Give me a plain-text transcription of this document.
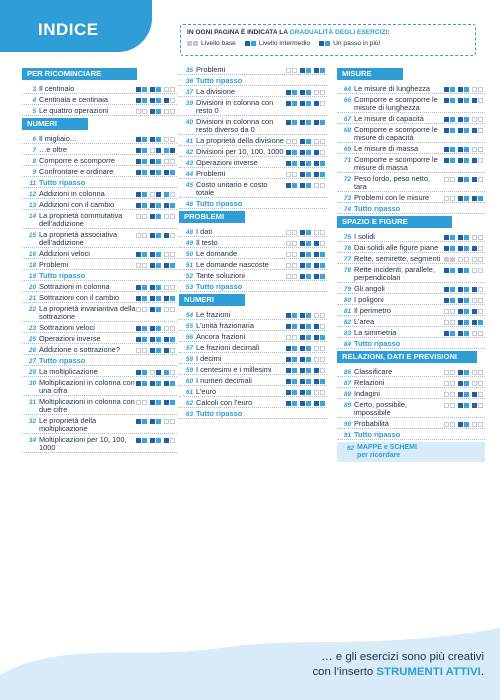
INDICE	IN OGNI PAGINA È INDICATA LA GRADUALITÀ DEGLI ESERCIZI:
Livello base	Livello intermedio	Un passo in più!
PER RICOMINCIARE
3 Il centinaio
4 Centinaia e centinaia
5 Le quattro operazioni
NUMERI
6 Il migliaio…
7 …e oltre
8 Comporre e scomporre
9 Confrontare e ordinare
11 Tutto ripasso
12 Addizioni in colonna
13 Addizioni con il cambio
14 La proprietà commutativa dell’addizione
15 La proprietà associativa dell’addizione
16 Addizioni veloci
18 Problemi
19 Tutto ripasso
20 Sottrazioni in colonna
21 Sottrazioni con il cambio
22 La proprietà invariantiva della sottrazione
23 Sottrazioni veloci
25 Operazioni inverse
26 Addizione o sottrazione?
27 Tutto ripasso
28 La moltiplicazione
30 Moltiplicazioni in colonna con una cifra
31 Moltiplicazioni in colonna con due cifre
32 Le proprietà della moltiplicazione
34 Moltiplicazioni per 10, 100, 1000
35 Problemi
36 Tutto ripasso
37 La divisione
39 Divisioni in colonna con resto 0
40 Divisioni in colonna con resto diverso da 0
41 La proprietà della divisione
42 Divisioni per 10, 100, 1000
43 Operazioni inverse
44 Problemi
45 Costo unitario e costo totale
46 Tutto ripasso
PROBLEMI
48 I dati
49 Il testo
50 Le domande
51 Le domande nascoste
52 Tante soluzioni
53 Tutto ripasso
NUMERI
54 Le frazioni
55 L’unità frazionaria
56 Ancora frazioni
57 Le frazioni decimali
58 I decimi
59 I centesimi e i millesimi
60 I numeri decimali
61 L’euro
62 Calcoli con l’euro
63 Tutto ripasso
MISURE
64 Le misure di lunghezza
66 Comporre e scomporre le misure di lunghezza
67 Le misure di capacità
68 Comporre e scomporre le misure di capacità
69 Le misure di massa
71 Comporre e scomporre le misure di massa
72 Peso lordo, peso netto, tara
73 Problemi con le misure
74 Tutto ripasso
SPAZIO E FIGURE
75 I solidi
76 Dai solidi alle figure piane
77 Rette, semirette, segmenti
78 Rette incidenti, parallele, perpendicolari
79 Gli angoli
80 I poligoni
81 Il perimetro
82 L’area
83 La simmetria
84 Tutto ripasso
RELAZIONI, DATI E PREVISIONI
86 Classificare
87 Relazioni
88 Indagini
89 Certo, possibile, impossibile
90 Probabilità
91 Tutto ripasso
92 MAPPE e SCHEMI
per ricordare
… e gli esercizi sono più creativi
con l’inserto STRUMENTI ATTIVI.
